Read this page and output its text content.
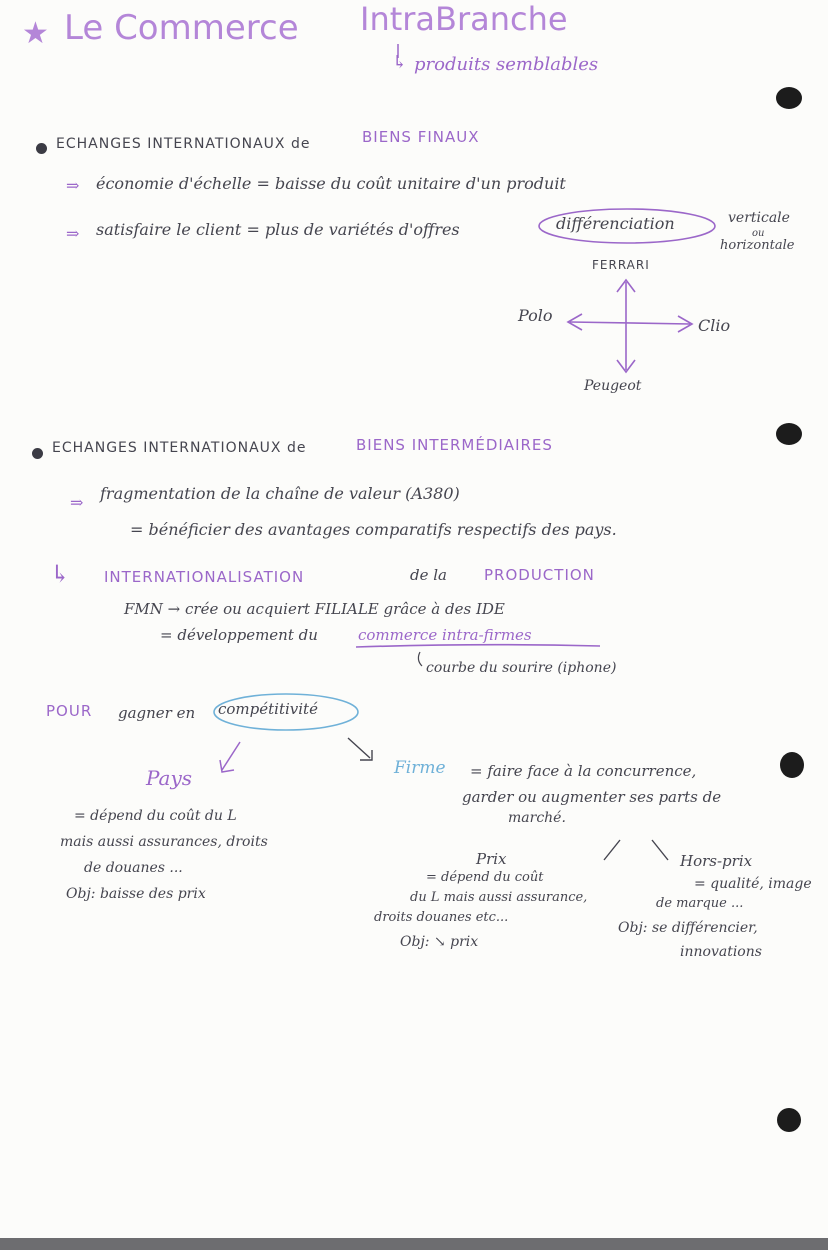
★ Le Commerce IntraBranche
↳ produits semblables
ECHANGES INTERNATIONAUX de	BIENS FINAUX
⇒ économie d'échelle = baisse du coût unitaire d'un produit
⇒ satisfaire le client = plus de variétés d'offres	différenciation	verticale
ou
horizontale
FERRARI
Polo
Clio
Peugeot
ECHANGES INTERNATIONAUX de	BIENS INTERMÉDIAIRES
⇒ fragmentation de la chaîne de valeur (A380)
= bénéficier des avantages comparatifs respectifs des pays.
↳ INTERNATIONALISATION	de la PRODUCTION
FMN → crée ou acquiert FILIALE grâce à des IDE
= développement du	commerce intra-firmes
courbe du sourire (iphone)
POUR gagner en compétitivité
Pays
= dépend du coût du L
mais aussi assurances, droits
de douanes ...
Obj: baisse des prix
Firme = faire face à la concurrence,
garder ou augmenter ses parts de
marché.
Prix
= dépend du coût
du L mais aussi assurance,
droits douanes etc...
Obj: ↘ prix
Hors-prix
= qualité, image
de marque ...
Obj: se différencier,
innovations
